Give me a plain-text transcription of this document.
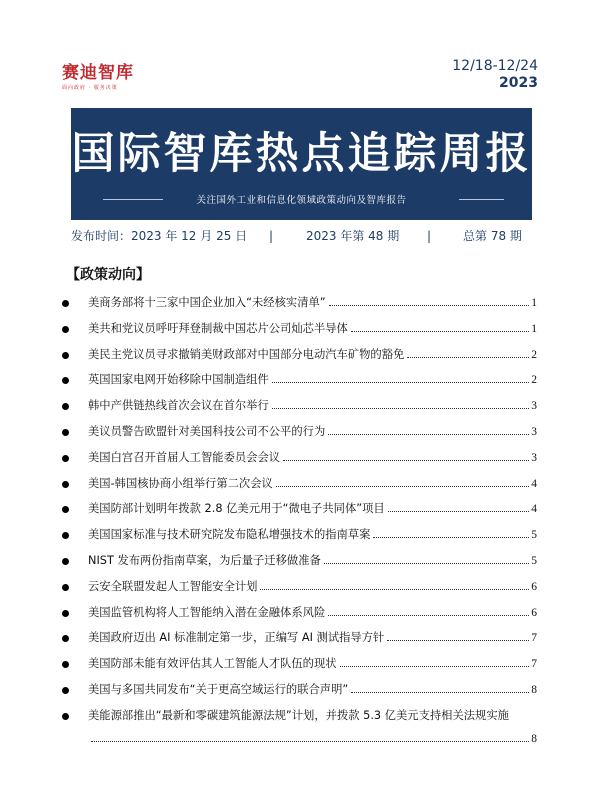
赛迪智库
面向政府 · 服务决策
12/18-12/24
2023
国际智库热点追踪周报
关注国外工业和信息化领域政策动向及智库报告
发布时间：2023 年 12 月 25 日 |	2023 年第 48 期 |	总第 78 期
【政策动向】
美商务部将十三家中国企业加入“未经核实清单”	1
美共和党议员呼吁拜登制裁中国芯片公司灿芯半导体	1
美民主党议员寻求撤销美财政部对中国部分电动汽车矿物的豁免	2
英国国家电网开始移除中国制造组件	2
韩中产供链热线首次会议在首尔举行	3
美议员警告欧盟针对美国科技公司不公平的行为	3
美国白宫召开首届人工智能委员会会议	3
美国-韩国核协商小组举行第二次会议	4
美国防部计划明年拨款 2.8 亿美元用于“微电子共同体”项目	4
美国国家标准与技术研究院发布隐私增强技术的指南草案	5
NIST 发布两份指南草案，为后量子迁移做准备	5
云安全联盟发起人工智能安全计划	6
美国监管机构将人工智能纳入潜在金融体系风险	6
美国政府迈出 AI 标准制定第一步，正编写 AI 测试指导方针	7
美国防部未能有效评估其人工智能人才队伍的现状	7
美国与多国共同发布“关于更高空域运行的联合声明”	8
美能源部推出“最新和零碳建筑能源法规”计划，并拨款 5.3 亿美元支持相关法规实施
8
